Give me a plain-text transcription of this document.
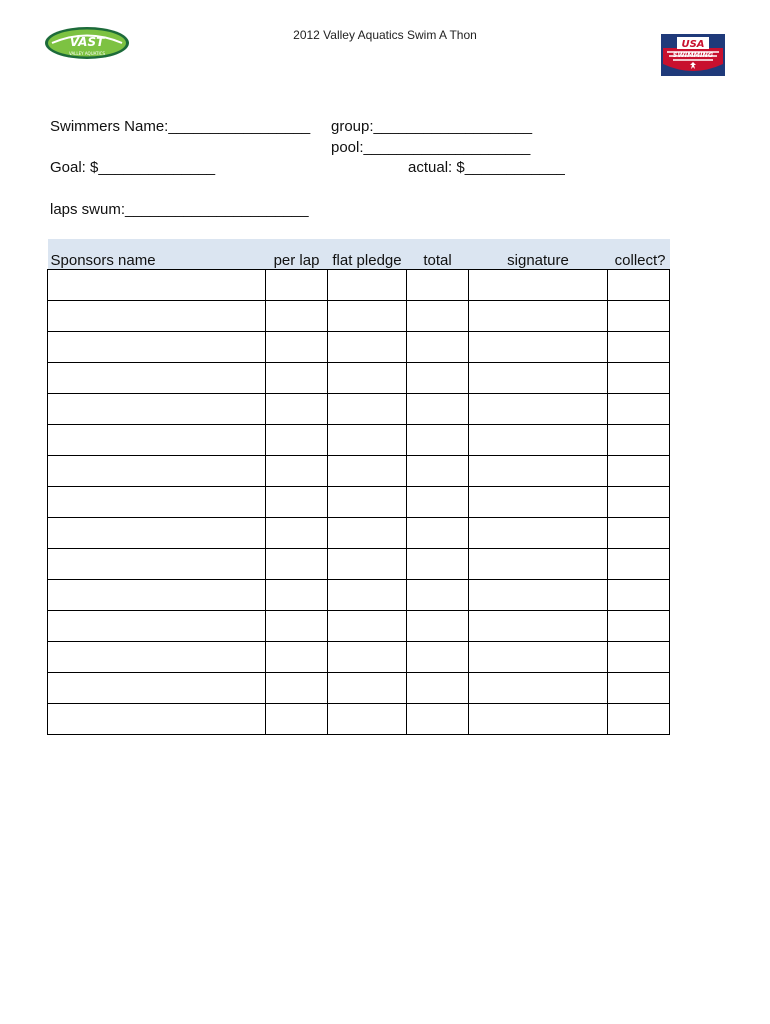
2012 Valley Aquatics Swim A Thon
VAST
VALLEY AQUATICS
USA
SWIMMING
Swimmers Name:_________________ group:___________________
pool:____________________
Goal: $______________	actual: $____________
laps swum:______________________
Sponsors name	per lap	flat pledge	total	signature	collect?
